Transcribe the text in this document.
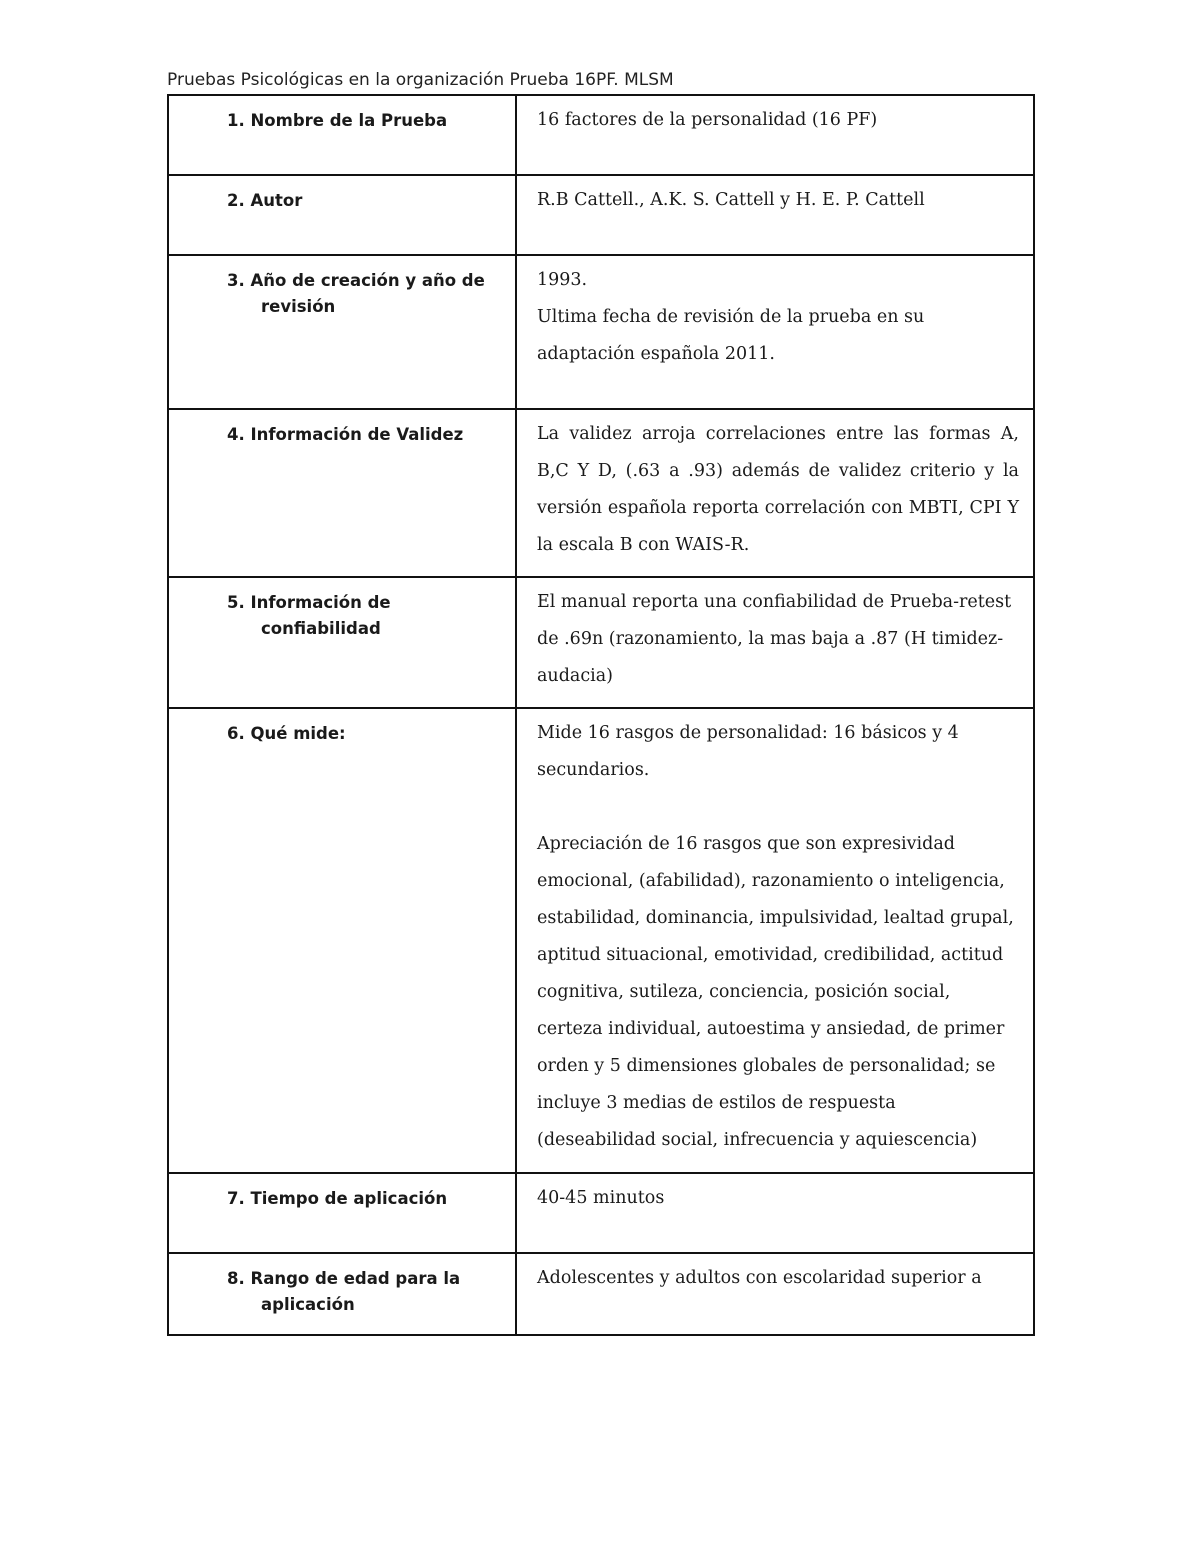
Pruebas Psicológicas en la organización Prueba 16PF. MLSM
1. Nombre de la Prueba	16 factores de la personalidad (16 PF)

2. Autor	R.B Cattell., A.K. S. Cattell y H. E. P. Cattell

3. Año de creación y año de revisión	1993.

Ultima fecha de revisión de la prueba en su adaptación española 2011.

4. Información de Validez	La validez arroja correlaciones entre las formas A, B,C Y D, (.63 a .93) además de validez criterio y la versión española reporta correlación con MBTI, CPI Y la escala B con WAIS-R.

5. Información de confiabilidad	El manual reporta una confiabilidad de Prueba-retest de .69n (razonamiento, la mas baja a .87 (H timidez-audacia)

6. Qué mide:	Mide 16 rasgos de personalidad: 16 básicos y 4 secundarios.

Apreciación de 16 rasgos que son expresividad emocional, (afabilidad), razonamiento o inteligencia, estabilidad, dominancia, impulsividad, lealtad grupal, aptitud situacional, emotividad, credibilidad, actitud cognitiva, sutileza, conciencia, posición social, certeza individual, autoestima y ansiedad, de primer orden y 5 dimensiones globales de personalidad; se incluye 3 medias de estilos de respuesta (deseabilidad social, infrecuencia y aquiescencia)

7. Tiempo de aplicación	40-45 minutos

8. Rango de edad para la aplicación	Adolescentes y adultos con escolaridad superior a
